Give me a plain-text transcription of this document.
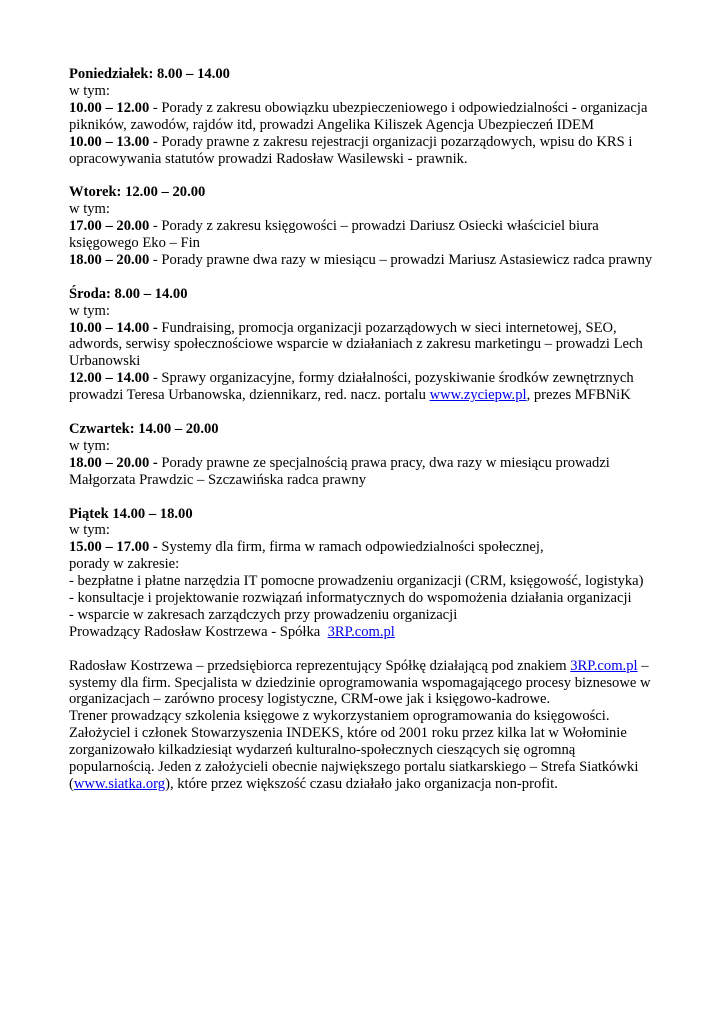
Poniedziałek: 8.00 – 14.00
w tym:
10.00 – 12.00 - Porady z zakresu obowiązku ubezpieczeniowego i odpowiedzialności - organizacja
pikników, zawodów, rajdów itd, prowadzi Angelika Kiliszek Agencja Ubezpieczeń IDEM
10.00 – 13.00 - Porady prawne z zakresu rejestracji organizacji pozarządowych, wpisu do KRS i
opracowywania statutów prowadzi Radosław Wasilewski - prawnik.
Wtorek: 12.00 – 20.00
w tym:
17.00 – 20.00 - Porady z zakresu księgowości – prowadzi Dariusz Osiecki właściciel biura
księgowego Eko – Fin
18.00 – 20.00 - Porady prawne dwa razy w miesiącu – prowadzi Mariusz Astasiewicz radca prawny
Środa: 8.00 – 14.00
w tym:
10.00 – 14.00 - Fundraising, promocja organizacji pozarządowych w sieci internetowej, SEO,
adwords, serwisy społecznościowe wsparcie w działaniach z zakresu marketingu – prowadzi Lech
Urbanowski
12.00 – 14.00 - Sprawy organizacyjne, formy działalności, pozyskiwanie środków zewnętrznych
prowadzi Teresa Urbanowska, dziennikarz, red. nacz. portalu www.zyciepw.pl, prezes MFBNiK
Czwartek: 14.00 – 20.00
w tym:
18.00 – 20.00 - Porady prawne ze specjalnością prawa pracy, dwa razy w miesiącu prowadzi
Małgorzata Prawdzic – Szczawińska radca prawny
Piątek 14.00 – 18.00
w tym:
15.00 – 17.00 - Systemy dla firm, firma w ramach odpowiedzialności społecznej,
porady w zakresie:
- bezpłatne i płatne narzędzia IT pomocne prowadzeniu organizacji (CRM, księgowość, logistyka)
- konsultacje i projektowanie rozwiązań informatycznych do wspomożenia działania organizacji
- wsparcie w zakresach zarządczych przy prowadzeniu organizacji
Prowadzący Radosław Kostrzewa - Spółka  3RP.com.pl
Radosław Kostrzewa – przedsiębiorca reprezentujący Spółkę działającą pod znakiem 3RP.com.pl –
systemy dla firm. Specjalista w dziedzinie oprogramowania wspomagającego procesy biznesowe w
organizacjach – zarówno procesy logistyczne, CRM-owe jak i księgowo-kadrowe.
Trener prowadzący szkolenia księgowe z wykorzystaniem oprogramowania do księgowości.
Założyciel i członek Stowarzyszenia INDEKS, które od 2001 roku przez kilka lat w Wołominie
zorganizowało kilkadziesiąt wydarzeń kulturalno-społecznych cieszących się ogromną
popularnością. Jeden z założycieli obecnie największego portalu siatkarskiego – Strefa Siatkówki
(www.siatka.org), które przez większość czasu działało jako organizacja non-profit.
